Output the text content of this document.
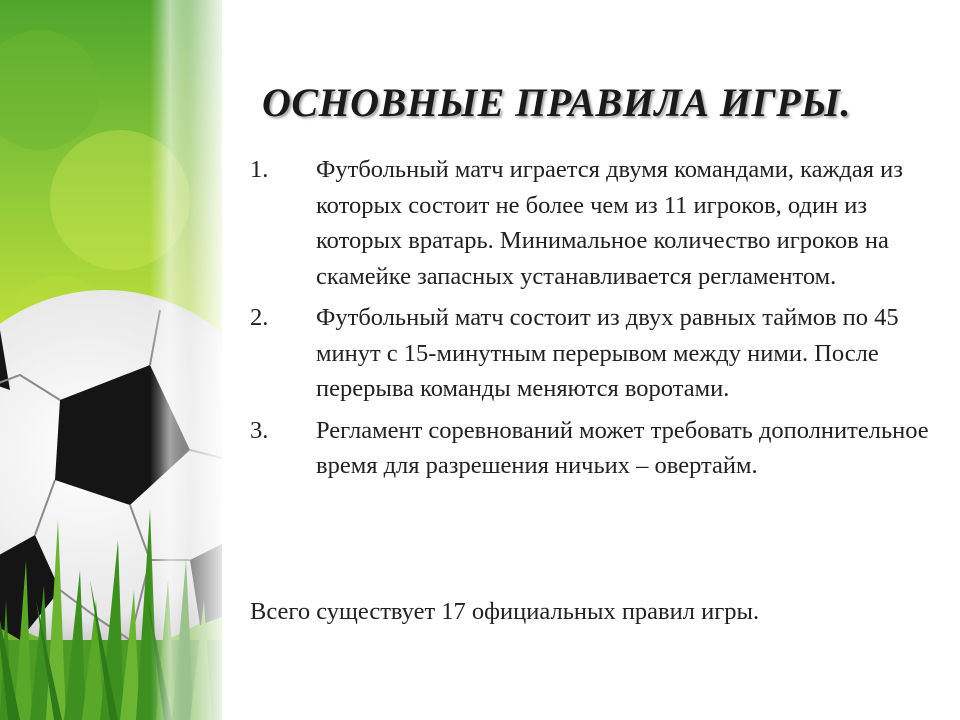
ОСНОВНЫЕ ПРАВИЛА ИГРЫ.
1.	Футбольный матч играется двумя командами, каждая из которых состоит не более чем из 11 игроков, один из которых вратарь. Минимальное количество игроков на скамейке запасных устанавливается регламентом.
2.	Футбольный матч состоит из двух равных таймов по 45 минут с 15-минутным перерывом между ними. После перерыва команды меняются воротами.
3.	Регламент соревнований может требовать дополнительное время для разрешения ничьих – овертайм.

Всего существует 17 официальных правил игры.
